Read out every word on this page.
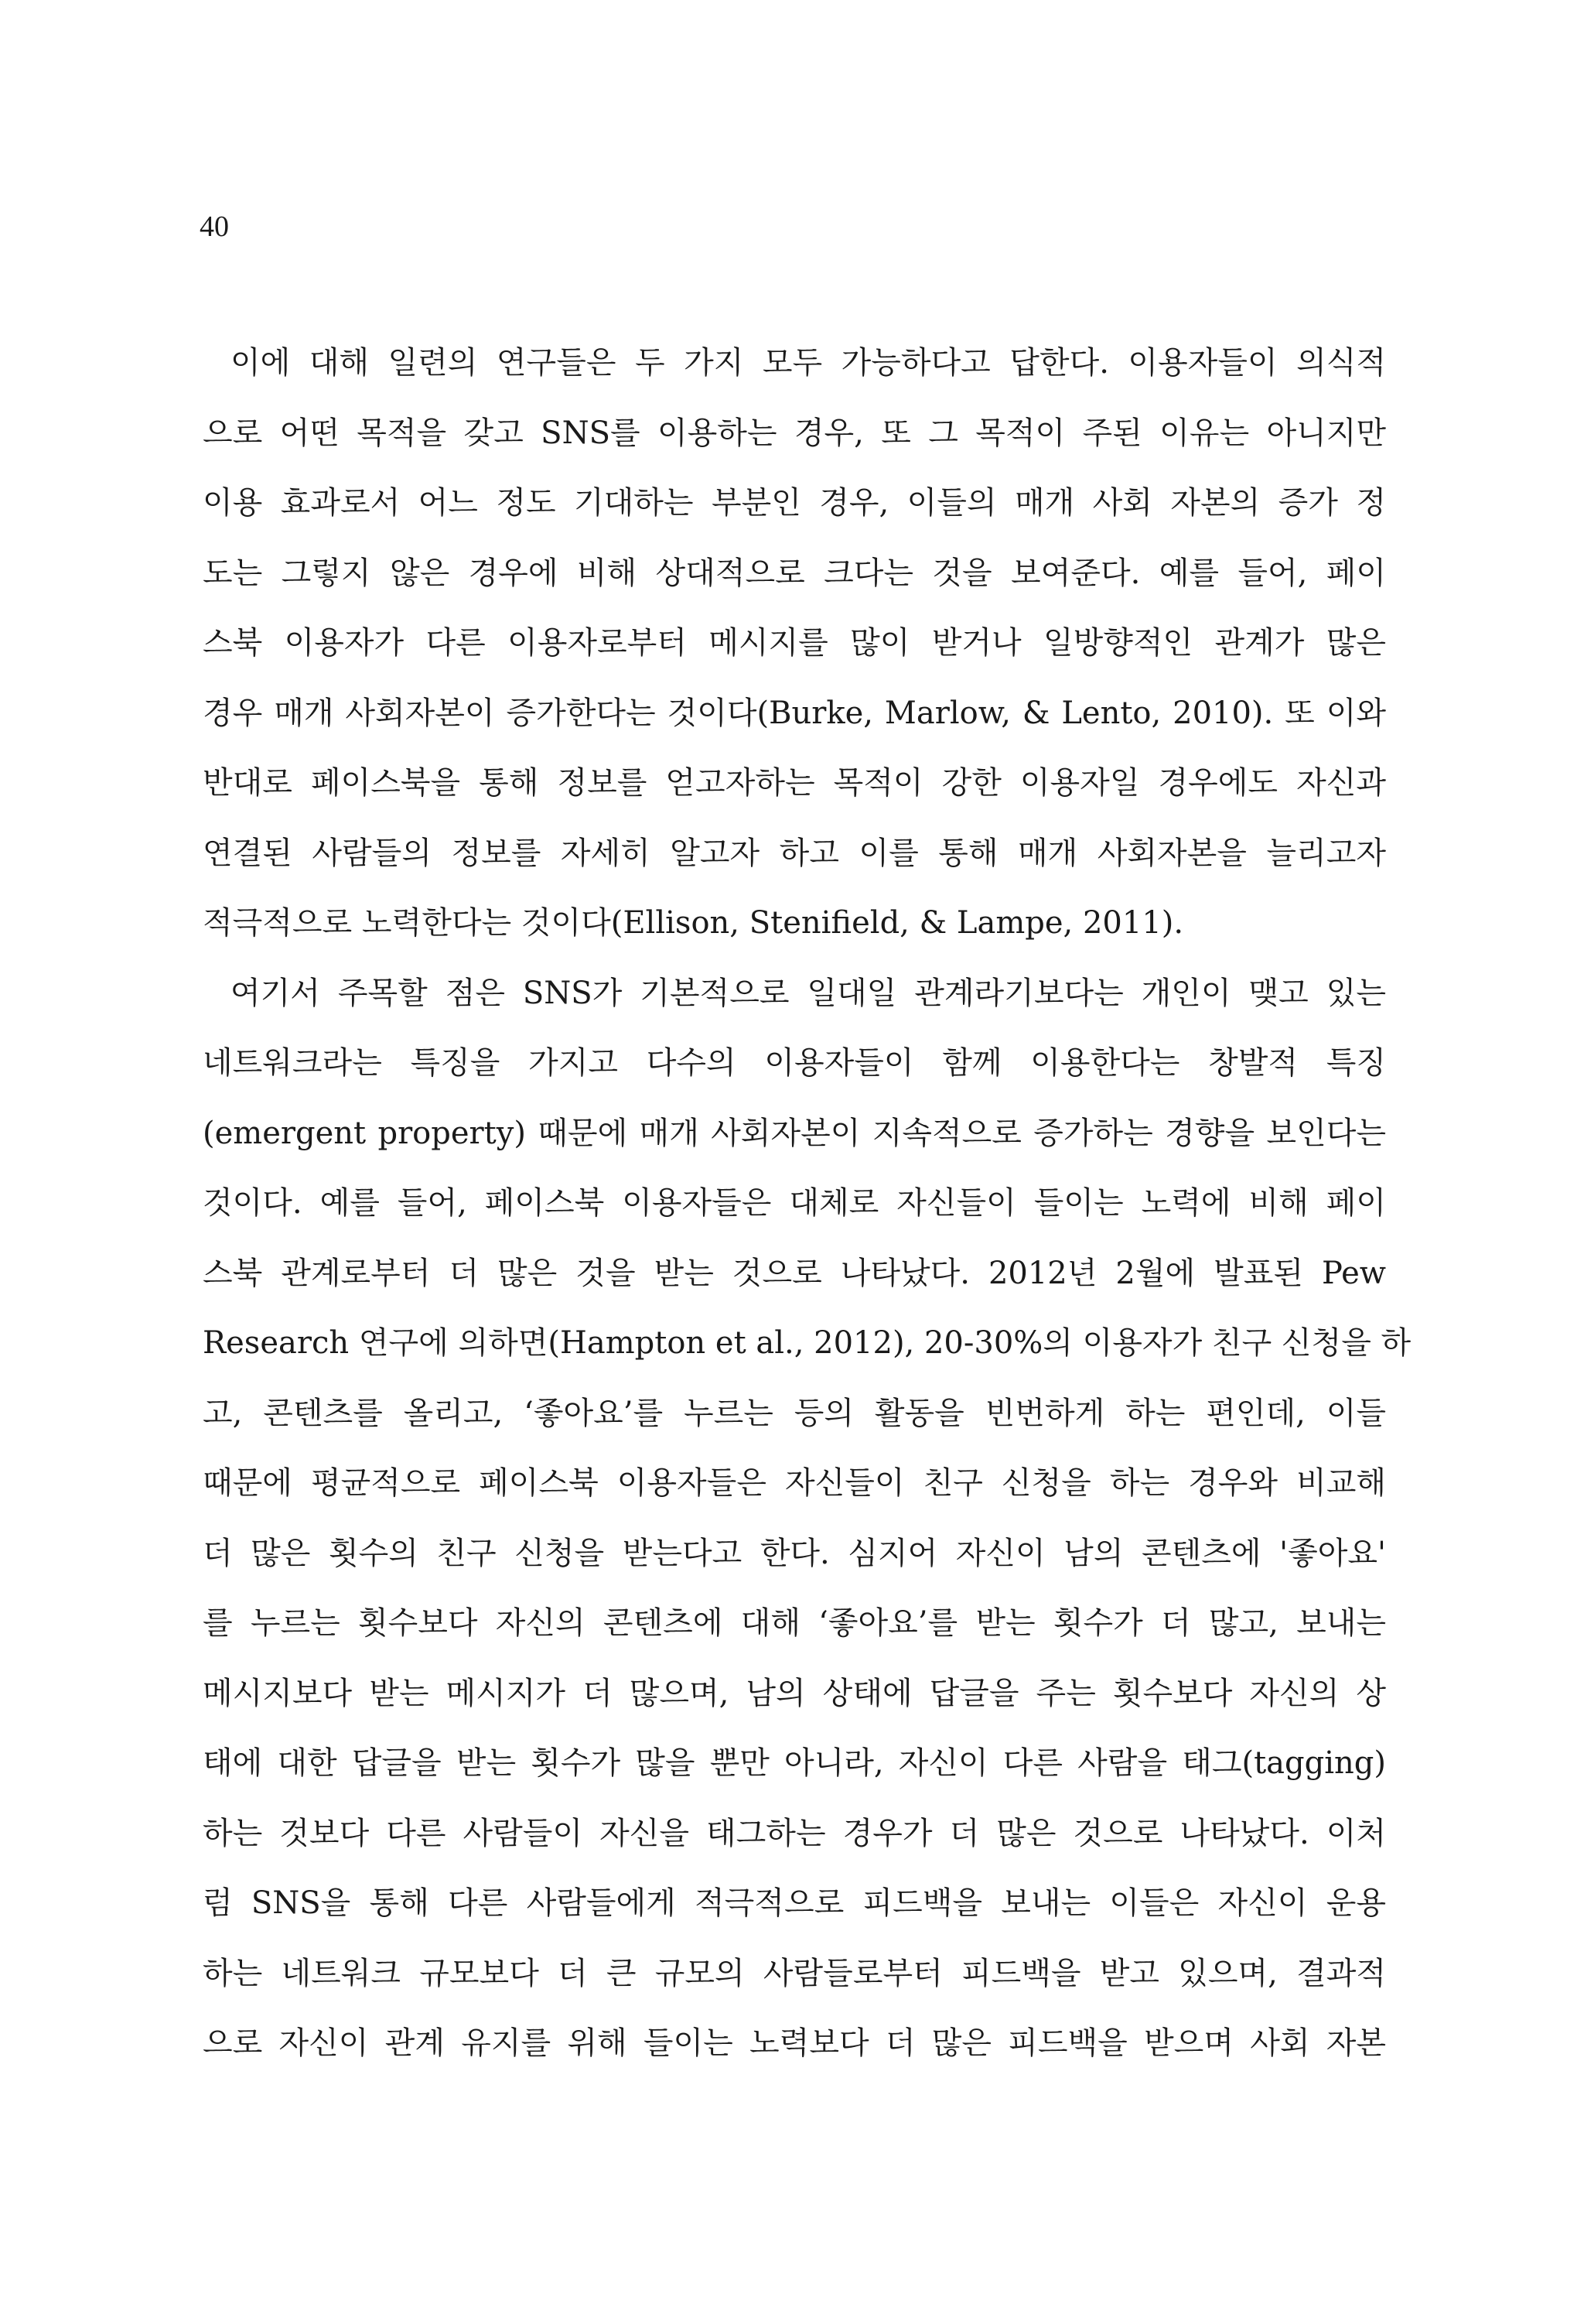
40
이에 대해 일련의 연구들은 두 가지 모두 가능하다고 답한다. 이용자들이 의식적
으로 어떤 목적을 갖고 SNS를 이용하는 경우, 또 그 목적이 주된 이유는 아니지만
이용 효과로서 어느 정도 기대하는 부분인 경우, 이들의 매개 사회 자본의 증가 정
도는 그렇지 않은 경우에 비해 상대적으로 크다는 것을 보여준다. 예를 들어, 페이
스북 이용자가 다른 이용자로부터 메시지를 많이 받거나 일방향적인 관계가 많은
경우 매개 사회자본이 증가한다는 것이다(Burke, Marlow, & Lento, 2010). 또 이와
반대로 페이스북을 통해 정보를 얻고자하는 목적이 강한 이용자일 경우에도 자신과
연결된 사람들의 정보를 자세히 알고자 하고 이를 통해 매개 사회자본을 늘리고자
적극적으로 노력한다는 것이다(Ellison, Stenifield, & Lampe, 2011).
여기서 주목할 점은 SNS가 기본적으로 일대일 관계라기보다는 개인이 맺고 있는
네트워크라는 특징을 가지고 다수의 이용자들이 함께 이용한다는 창발적 특징
(emergent property) 때문에 매개 사회자본이 지속적으로 증가하는 경향을 보인다는
것이다. 예를 들어, 페이스북 이용자들은 대체로 자신들이 들이는 노력에 비해 페이
스북 관계로부터 더 많은 것을 받는 것으로 나타났다. 2012년 2월에 발표된 Pew
Research 연구에 의하면(Hampton et al., 2012), 20-30%의 이용자가 친구 신청을 하
고, 콘텐츠를 올리고, ‘좋아요’를 누르는 등의 활동을 빈번하게 하는 편인데, 이들
때문에 평균적으로 페이스북 이용자들은 자신들이 친구 신청을 하는 경우와 비교해
더 많은 횟수의 친구 신청을 받는다고 한다. 심지어 자신이 남의 콘텐츠에 '좋아요'
를 누르는 횟수보다 자신의 콘텐츠에 대해 ‘좋아요’를 받는 횟수가 더 많고, 보내는
메시지보다 받는 메시지가 더 많으며, 남의 상태에 답글을 주는 횟수보다 자신의 상
태에 대한 답글을 받는 횟수가 많을 뿐만 아니라, 자신이 다른 사람을 태그(tagging)
하는 것보다 다른 사람들이 자신을 태그하는 경우가 더 많은 것으로 나타났다. 이처
럼 SNS을 통해 다른 사람들에게 적극적으로 피드백을 보내는 이들은 자신이 운용
하는 네트워크 규모보다 더 큰 규모의 사람들로부터 피드백을 받고 있으며, 결과적
으로 자신이 관계 유지를 위해 들이는 노력보다 더 많은 피드백을 받으며 사회 자본
